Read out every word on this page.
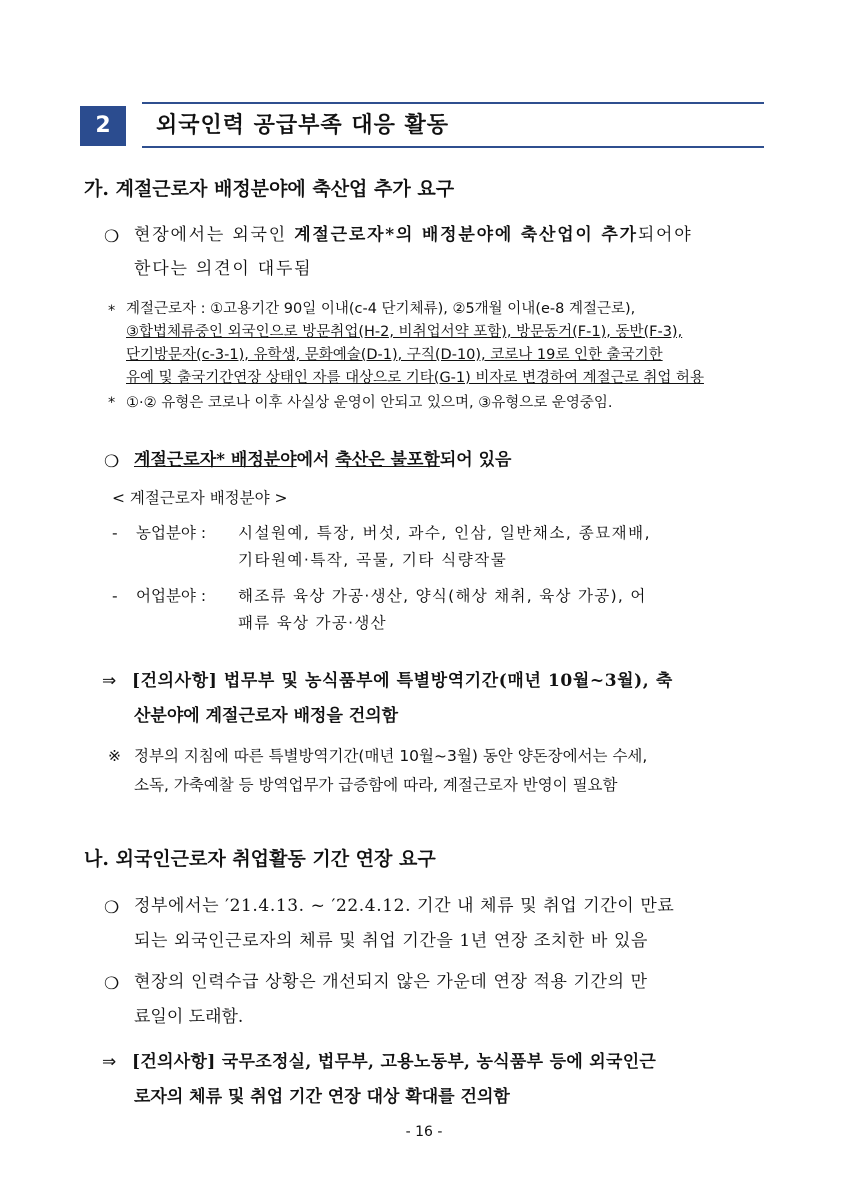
2	외국인력 공급부족 대응 활동
가. 계절근로자 배정분야에 축산업 추가 요구
❍ 현장에서는 외국인 계절근로자*의 배정분야에 축산업이 추가되어야
한다는 의견이 대두됨
* 계절근로자 : ①고용기간 90일 이내(c-4 단기체류), ②5개월 이내(e-8 계절근로),
③합법체류중인 외국인으로 방문취업(H-2, 비취업서약 포함), 방문동거(F-1), 동반(F-3),
단기방문자(c-3-1), 유학생, 문화예술(D-1), 구직(D-10), 코로나 19로 인한 출국기한
유예 및 출국기간연장 상태인 자를 대상으로 기타(G-1) 비자로 변경하여 계절근로 취업 허용
* ①·② 유형은 코로나 이후 사실상 운영이 안되고 있으며, ③유형으로 운영중임.
❍ 계절근로자* 배정분야에서 축산은 불포함되어 있음
< 계절근로자 배정분야 >
- 농업분야 : 시설원예, 특장, 버섯, 과수, 인삼, 일반채소, 종묘재배,
기타원예·특작, 곡물, 기타 식량작물
- 어업분야 : 해조류 육상 가공·생산, 양식(해상 채취, 육상 가공), 어
패류 육상 가공·생산
⇒ [건의사항] 법무부 및 농식품부에 특별방역기간(매년 10월~3월), 축
산분야에 계절근로자 배정을 건의함
※ 정부의 지침에 따른 특별방역기간(매년 10월~3월) 동안 양돈장에서는 수세,
소독, 가축예찰 등 방역업무가 급증함에 따라, 계절근로자 반영이 필요함
나. 외국인근로자 취업활동 기간 연장 요구
❍ 정부에서는 ′21.4.13. ~ ′22.4.12. 기간 내 체류 및 취업 기간이 만료
되는 외국인근로자의 체류 및 취업 기간을 1년 연장 조치한 바 있음
❍ 현장의 인력수급 상황은 개선되지 않은 가운데 연장 적용 기간의 만
료일이 도래함.
⇒ [건의사항] 국무조정실, 법무부, 고용노동부, 농식품부 등에 외국인근
로자의 체류 및 취업 기간 연장 대상 확대를 건의함
- 16 -
